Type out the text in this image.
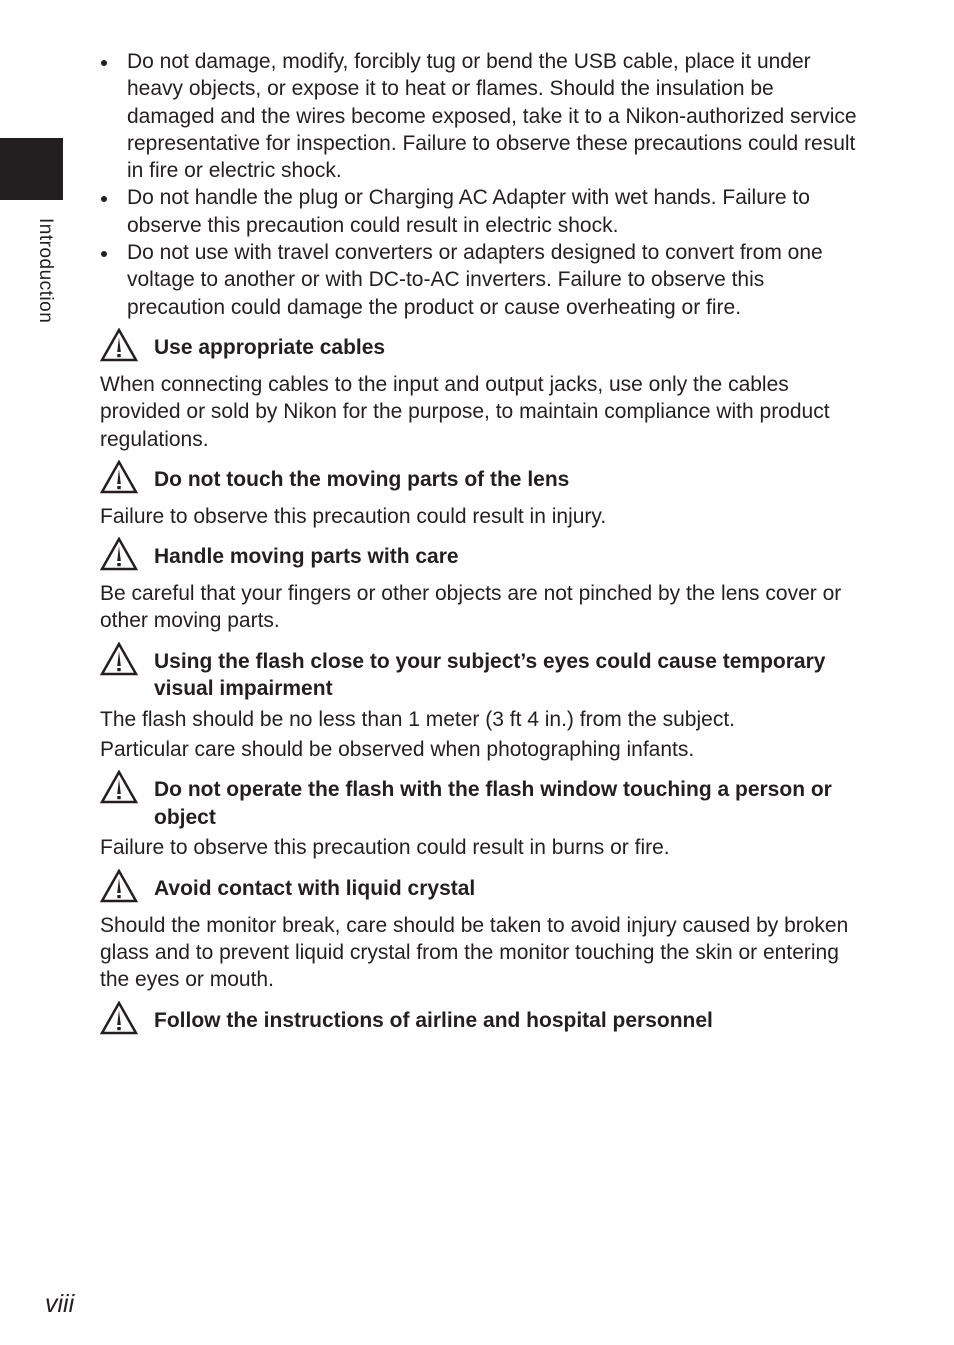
Introduction
Do not damage, modify, forcibly tug or bend the USB cable, place it under heavy objects, or expose it to heat or flames. Should the insulation be damaged and the wires become exposed, take it to a Nikon-authorized service representative for inspection. Failure to observe these precautions could result in fire or electric shock.
Do not handle the plug or Charging AC Adapter with wet hands. Failure to observe this precaution could result in electric shock.
Do not use with travel converters or adapters designed to convert from one voltage to another or with DC-to-AC inverters. Failure to observe this precaution could damage the product or cause overheating or fire.
Use appropriate cables

When connecting cables to the input and output jacks, use only the cables provided or sold by Nikon for the purpose, to maintain compliance with product regulations.

Do not touch the moving parts of the lens

Failure to observe this precaution could result in injury.

Handle moving parts with care

Be careful that your fingers or other objects are not pinched by the lens cover or other moving parts.

Using the flash close to your subject’s eyes could cause temporary visual impairment

The flash should be no less than 1 meter (3 ft 4 in.) from the subject.

Particular care should be observed when photographing infants.

Do not operate the flash with the flash window touching a person or object

Failure to observe this precaution could result in burns or fire.

Avoid contact with liquid crystal

Should the monitor break, care should be taken to avoid injury caused by broken glass and to prevent liquid crystal from the monitor touching the skin or entering the eyes or mouth.

Follow the instructions of airline and hospital personnel
viii
